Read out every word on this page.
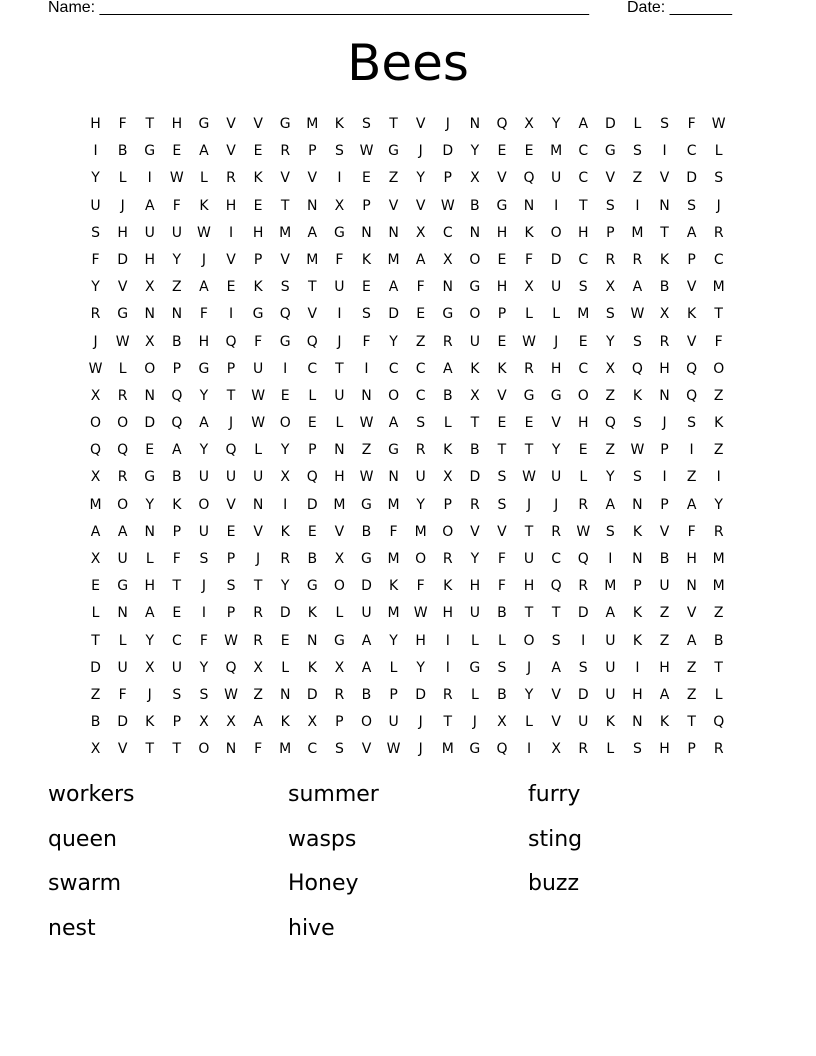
Name: _______________________________________________________ Date: _______
Bees
H	F	T	H	G	V	V	G	M	K	S	T	V	J	N	Q	X	Y	A	D	L	S	F	W
I	B	G	E	A	V	E	R	P	S	W	G	J	D	Y	E	E	M	C	G	S	I	C	L
Y	L	I	W	L	R	K	V	V	I	E	Z	Y	P	X	V	Q	U	C	V	Z	V	D	S
U	J	A	F	K	H	E	T	N	X	P	V	V	W	B	G	N	I	T	S	I	N	S	J
S	H	U	U	W	I	H	M	A	G	N	N	X	C	N	H	K	O	H	P	M	T	A	R
F	D	H	Y	J	V	P	V	M	F	K	M	A	X	O	E	F	D	C	R	R	K	P	C
Y	V	X	Z	A	E	K	S	T	U	E	A	F	N	G	H	X	U	S	X	A	B	V	M
R	G	N	N	F	I	G	Q	V	I	S	D	E	G	O	P	L	L	M	S	W	X	K	T
J	W	X	B	H	Q	F	G	Q	J	F	Y	Z	R	U	E	W	J	E	Y	S	R	V	F
W	L	O	P	G	P	U	I	C	T	I	C	C	A	K	K	R	H	C	X	Q	H	Q	O
X	R	N	Q	Y	T	W	E	L	U	N	O	C	B	X	V	G	G	O	Z	K	N	Q	Z
O	O	D	Q	A	J	W	O	E	L	W	A	S	L	T	E	E	V	H	Q	S	J	S	K
Q	Q	E	A	Y	Q	L	Y	P	N	Z	G	R	K	B	T	T	Y	E	Z	W	P	I	Z
X	R	G	B	U	U	U	X	Q	H	W	N	U	X	D	S	W	U	L	Y	S	I	Z	I
M	O	Y	K	O	V	N	I	D	M	G	M	Y	P	R	S	J	J	R	A	N	P	A	Y
A	A	N	P	U	E	V	K	E	V	B	F	M	O	V	V	T	R	W	S	K	V	F	R
X	U	L	F	S	P	J	R	B	X	G	M	O	R	Y	F	U	C	Q	I	N	B	H	M
E	G	H	T	J	S	T	Y	G	O	D	K	F	K	H	F	H	Q	R	M	P	U	N	M
L	N	A	E	I	P	R	D	K	L	U	M	W	H	U	B	T	T	D	A	K	Z	V	Z
T	L	Y	C	F	W	R	E	N	G	A	Y	H	I	L	L	O	S	I	U	K	Z	A	B
D	U	X	U	Y	Q	X	L	K	X	A	L	Y	I	G	S	J	A	S	U	I	H	Z	T
Z	F	J	S	S	W	Z	N	D	R	B	P	D	R	L	B	Y	V	D	U	H	A	Z	L
B	D	K	P	X	X	A	K	X	P	O	U	J	T	J	X	L	V	U	K	N	K	T	Q
X	V	T	T	O	N	F	M	C	S	V	W	J	M	G	Q	I	X	R	L	S	H	P	R
workers	summer	furry
queen	wasps	sting
swarm	Honey	buzz
nest	hive
